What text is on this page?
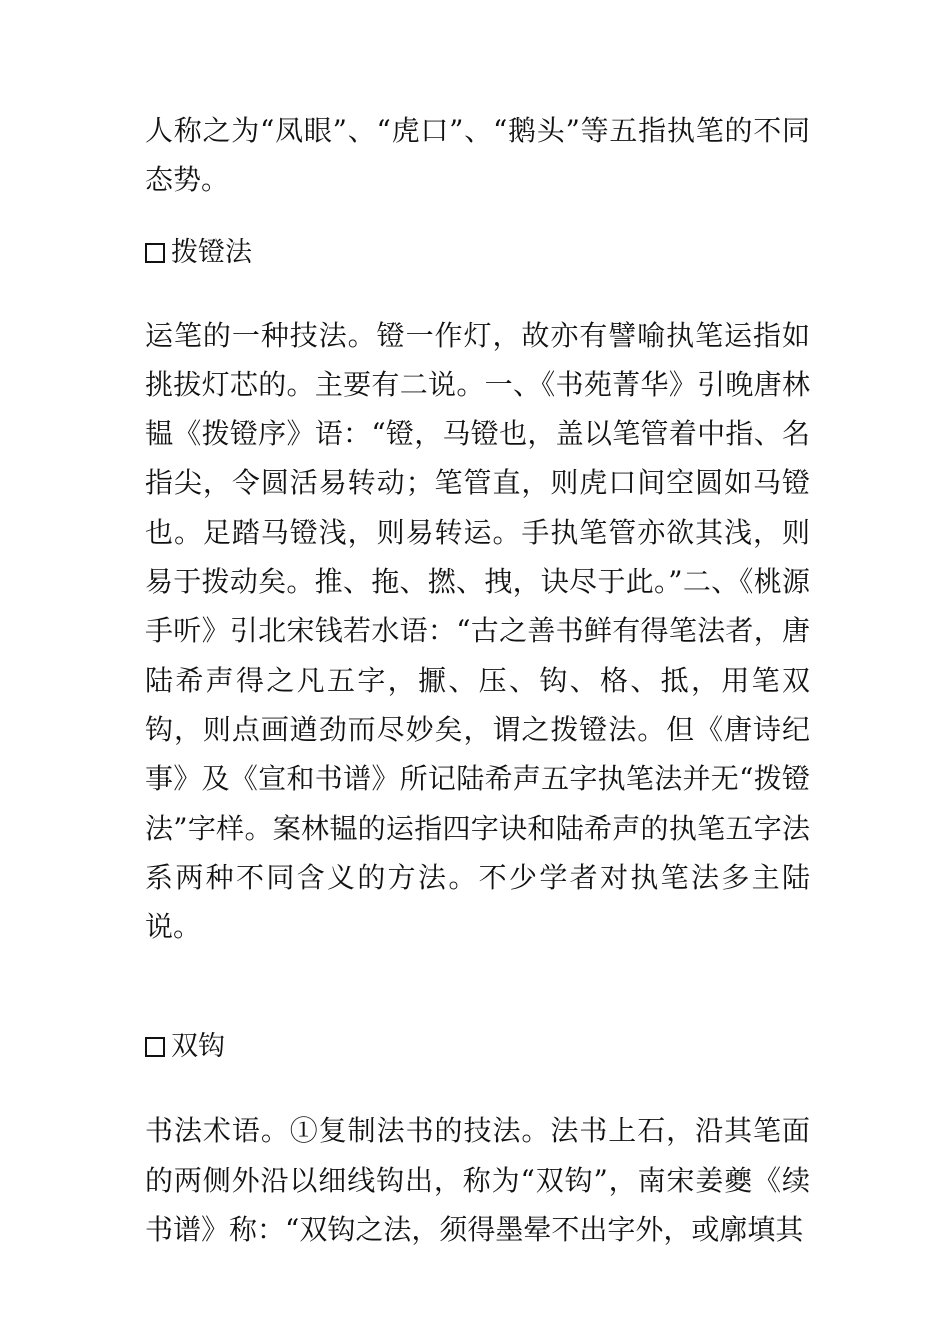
人称之为“凤眼”、“虎口”、“鹅头”等五指执笔的不同态势。

拨镫法

运笔的一种技法。镫一作灯，故亦有譬喻执笔运指如挑拔灯芯的。主要有二说。一、《书苑菁华》引晚唐林韫《拨镫序》语：“镫，马镫也，盖以笔管着中指、名指尖，令圆活易转动；笔管直，则虎口间空圆如马镫也。足踏马镫浅，则易转运。手执笔管亦欲其浅，则易于拨动矣。推、拖、撚、拽，诀尽于此。”二、《桃源手听》引北宋钱若水语：“古之善书鲜有得笔法者，唐陆希声得之凡五字，擫、压、钩、格、抵，用笔双钩，则点画遒劲而尽妙矣，谓之拨镫法。但《唐诗纪事》及《宣和书谱》所记陆希声五字执笔法并无“拨镫法”字样。案林韫的运指四字诀和陆希声的执笔五字法系两种不同含义的方法。不少学者对执笔法多主陆说。

双钩

书法术语。①复制法书的技法。法书上石，沿其笔面的两侧外沿以细线钩出，称为“双钩”，南宋姜夔《续书谱》称：“双钩之法，须得墨晕不出字外，或廓填其
